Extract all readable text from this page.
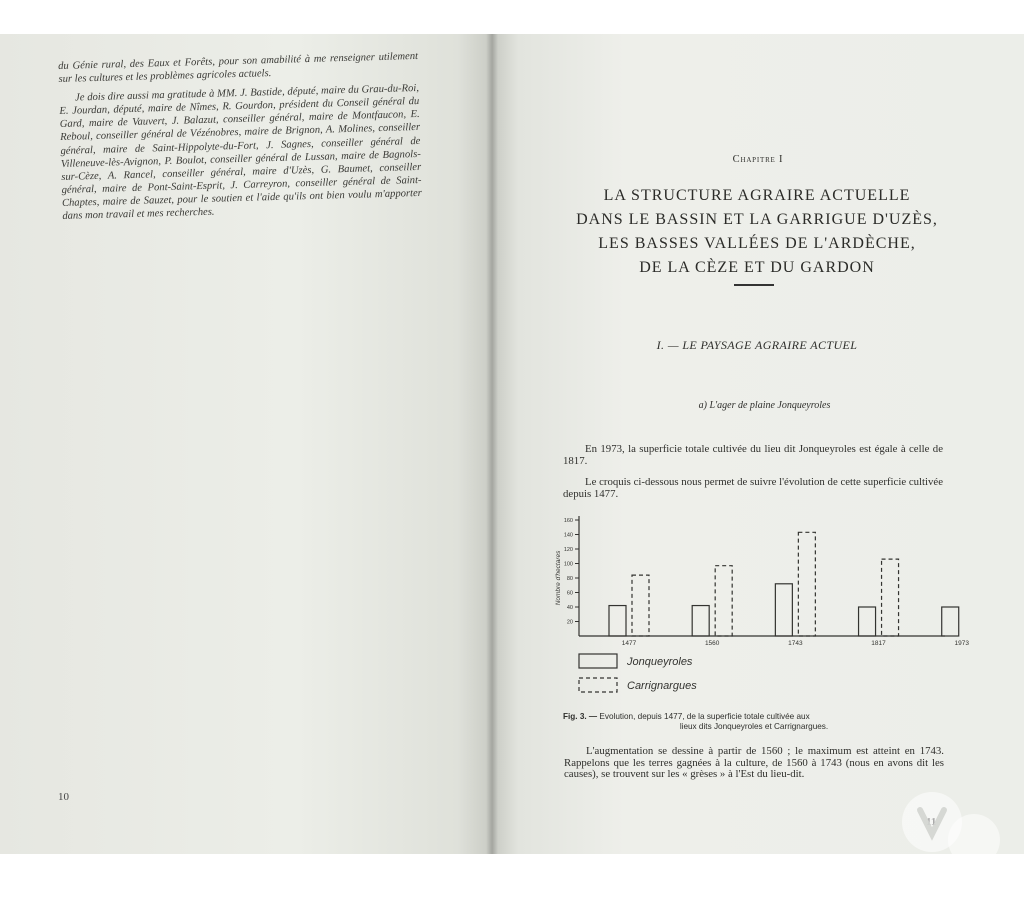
du Génie rural, des Eaux et Forêts, pour son amabilité à me renseigner utilement sur les cultures et les problèmes agricoles actuels.

Je dois dire aussi ma gratitude à MM. J. Bastide, député, maire du Grau-du-Roi, E. Jourdan, député, maire de Nîmes, R. Gourdon, président du Conseil général du Gard, maire de Vauvert, J. Balazut, conseiller général, maire de Montfaucon, E. Reboul, conseiller général de Vézénobres, maire de Brignon, A. Molines, conseiller général, maire de Saint-Hippolyte-du-Fort, J. Sagnes, conseiller général de Villeneuve-lès-Avignon, P. Boulot, conseiller général de Lussan, maire de Bagnols-sur-Cèze, A. Rancel, conseiller général, maire d'Uzès, G. Baumet, conseiller général, maire de Pont-Saint-Esprit, J. Carreyron, conseiller général de Saint-Chaptes, maire de Sauzet, pour le soutien et l'aide qu'ils ont bien voulu m'apporter dans mon travail et mes recherches.

10
Chapitre I
LA STRUCTURE AGRAIRE ACTUELLE
DANS LE BASSIN ET LA GARRIGUE D'UZÈS,
LES BASSES VALLÉES DE L'ARDÈCHE,
DE LA CÈZE ET DU GARDON
I. — LE PAYSAGE AGRAIRE ACTUEL
a) L'ager de plaine Jonqueyroles

En 1973, la superficie totale cultivée du lieu dit Jonqueyroles est égale à celle de 1817.

Le croquis ci-dessous nous permet de suivre l'évolution de cette superficie cultivée depuis 1477.

20
40
60
80
100
120
140
160
Nombre d'hectares
1477	1560	1743	1817	1973
Jonqueyroles
Carrignargues
Fig. 3. — Evolution, depuis 1477, de la superficie totale cultivée aux
lieux dits Jonqueyroles et Carrignargues.

L'augmentation se dessine à partir de 1560 ; le maximum est atteint en 1743. Rappelons que les terres gagnées à la culture, de 1560 à 1743 (nous en avons dit les causes), se trouvent sur les « grèses » à l'Est du lieu-dit.
